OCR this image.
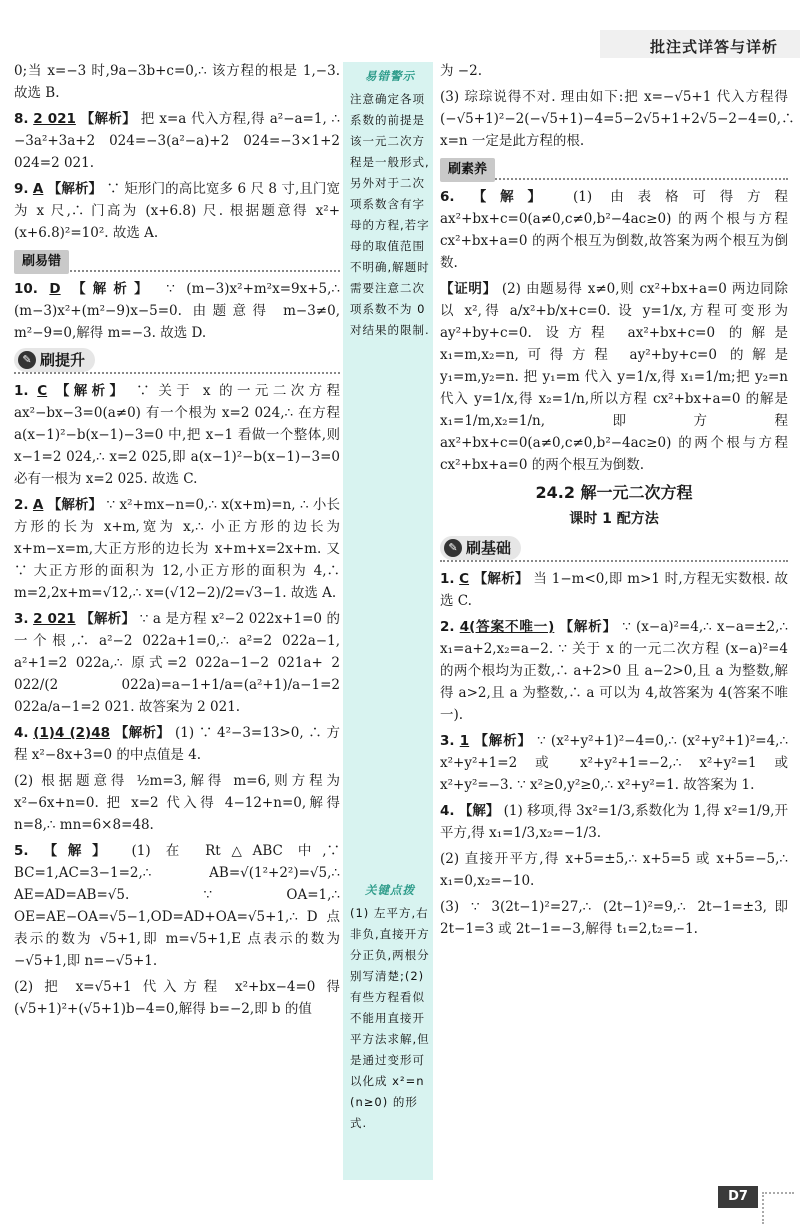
批注式详答与详析
易错警示
注意确定各项系数的前提是该一元二次方程是一般形式,另外对于二次项系数含有字母的方程,若字母的取值范围不明确,解题时需要注意二次项系数不为 0 对结果的限制.
关键点拨
(1) 左平方,右非负,直接开方分正负,两根分别写清楚;(2) 有些方程看似不能用直接开平方法求解,但是通过变形可以化成 x²=n (n≥0) 的形式.
0;当 x=−3 时,9a−3b+c=0,∴ 该方程的根是 1,−3. 故选 B.
8. 2 021 【解析】 把 x=a 代入方程,得 a²−a=1, ∴ −3a²+3a+2 024=−3(a²−a)+2 024=−3×1+2 024=2 021.
9. A 【解析】 ∵ 矩形门的高比宽多 6 尺 8 寸,且门宽为 x 尺,∴ 门高为 (x+6.8) 尺. 根据题意得 x²+(x+6.8)²=10². 故选 A.
刷易错
10. D 【解析】 ∵ (m−3)x²+m²x=9x+5,∴ (m−3)x²+(m²−9)x−5=0. 由题意得 m−3≠0, m²−9=0,解得 m=−3. 故选 D.
✎ 刷提升
1. C 【解析】 ∵ 关于 x 的一元二次方程 ax²−bx−3=0(a≠0) 有一个根为 x=2 024,∴ 在方程 a(x−1)²−b(x−1)−3=0 中,把 x−1 看做一个整体,则 x−1=2 024,∴ x=2 025,即 a(x−1)²−b(x−1)−3=0 必有一根为 x=2 025. 故选 C.
2. A 【解析】 ∵ x²+mx−n=0,∴ x(x+m)=n, ∴ 小长方形的长为 x+m,宽为 x,∴ 小正方形的边长为 x+m−x=m,大正方形的边长为 x+m+x=2x+m. 又∵ 大正方形的面积为 12,小正方形的面积为 4,∴ m=2,2x+m=√12,∴ x=(√12−2)/2=√3−1. 故选 A.
3. 2 021 【解析】 ∵ a 是方程 x²−2 022x+1=0 的一个根,∴ a²−2 022a+1=0,∴ a²=2 022a−1, a²+1=2 022a,∴ 原式=2 022a−1−2 021a+ 2 022/(2 022a)=a−1+1/a=(a²+1)/a−1=2 022a/a−1=2 021. 故答案为 2 021.
4. (1)4 (2)48 【解析】 (1) ∵ 4²−3=13>0, ∴ 方程 x²−8x+3=0 的中点值是 4.
(2) 根据题意得 ½m=3,解得 m=6,则方程为 x²−6x+n=0. 把 x=2 代入得 4−12+n=0,解得 n=8,∴ mn=6×8=48.
5. 【解】 (1) 在 Rt△ABC 中,∵ BC=1,AC=3−1=2,∴ AB=√(1²+2²)=√5,∴ AE=AD=AB=√5. ∵ OA=1,∴ OE=AE−OA=√5−1,OD=AD+OA=√5+1,∴ D 点表示的数为 √5+1,即 m=√5+1,E 点表示的数为 −√5+1,即 n=−√5+1.
(2) 把 x=√5+1 代入方程 x²+bx−4=0 得 (√5+1)²+(√5+1)b−4=0,解得 b=−2,即 b 的值
为 −2.
(3) 琮琮说得不对. 理由如下:把 x=−√5+1 代入方程得 (−√5+1)²−2(−√5+1)−4=5−2√5+1+2√5−2−4=0,∴ x=n 一定是此方程的根.
刷素养
6. 【解】 (1) 由表格可得方程 ax²+bx+c=0(a≠0,c≠0,b²−4ac≥0) 的两个根与方程 cx²+bx+a=0 的两个根互为倒数,故答案为两个根互为倒数.
【证明】 (2) 由题易得 x≠0,则 cx²+bx+a=0 两边同除以 x²,得 a/x²+b/x+c=0. 设 y=1/x,方程可变形为 ay²+by+c=0. 设方程 ax²+bx+c=0 的解是 x₁=m,x₂=n,可得方程 ay²+by+c=0 的解是 y₁=m,y₂=n. 把 y₁=m 代入 y=1/x,得 x₁=1/m;把 y₂=n 代入 y=1/x,得 x₂=1/n,所以方程 cx²+bx+a=0 的解是 x₁=1/m,x₂=1/n,即方程 ax²+bx+c=0(a≠0,c≠0,b²−4ac≥0) 的两个根与方程 cx²+bx+a=0 的两个根互为倒数.
24.2 解一元二次方程
课时 1 配方法
✎ 刷基础
1. C 【解析】 当 1−m<0,即 m>1 时,方程无实数根. 故选 C.
2. 4(答案不唯一) 【解析】 ∵ (x−a)²=4,∴ x−a=±2,∴ x₁=a+2,x₂=a−2. ∵ 关于 x 的一元二次方程 (x−a)²=4 的两个根均为正数,∴ a+2>0 且 a−2>0,且 a 为整数,解得 a>2,且 a 为整数,∴ a 可以为 4,故答案为 4(答案不唯一).
3. 1 【解析】 ∵ (x²+y²+1)²−4=0,∴ (x²+y²+1)²=4,∴ x²+y²+1=2 或 x²+y²+1=−2,∴ x²+y²=1 或 x²+y²=−3. ∵ x²≥0,y²≥0,∴ x²+y²=1. 故答案为 1.
4. 【解】 (1) 移项,得 3x²=1/3,系数化为 1,得 x²=1/9,开平方,得 x₁=1/3,x₂=−1/3.
(2) 直接开平方,得 x+5=±5,∴ x+5=5 或 x+5=−5,∴ x₁=0,x₂=−10.
(3) ∵ 3(2t−1)²=27,∴ (2t−1)²=9,∴ 2t−1=±3,即 2t−1=3 或 2t−1=−3,解得 t₁=2,t₂=−1.
D7
